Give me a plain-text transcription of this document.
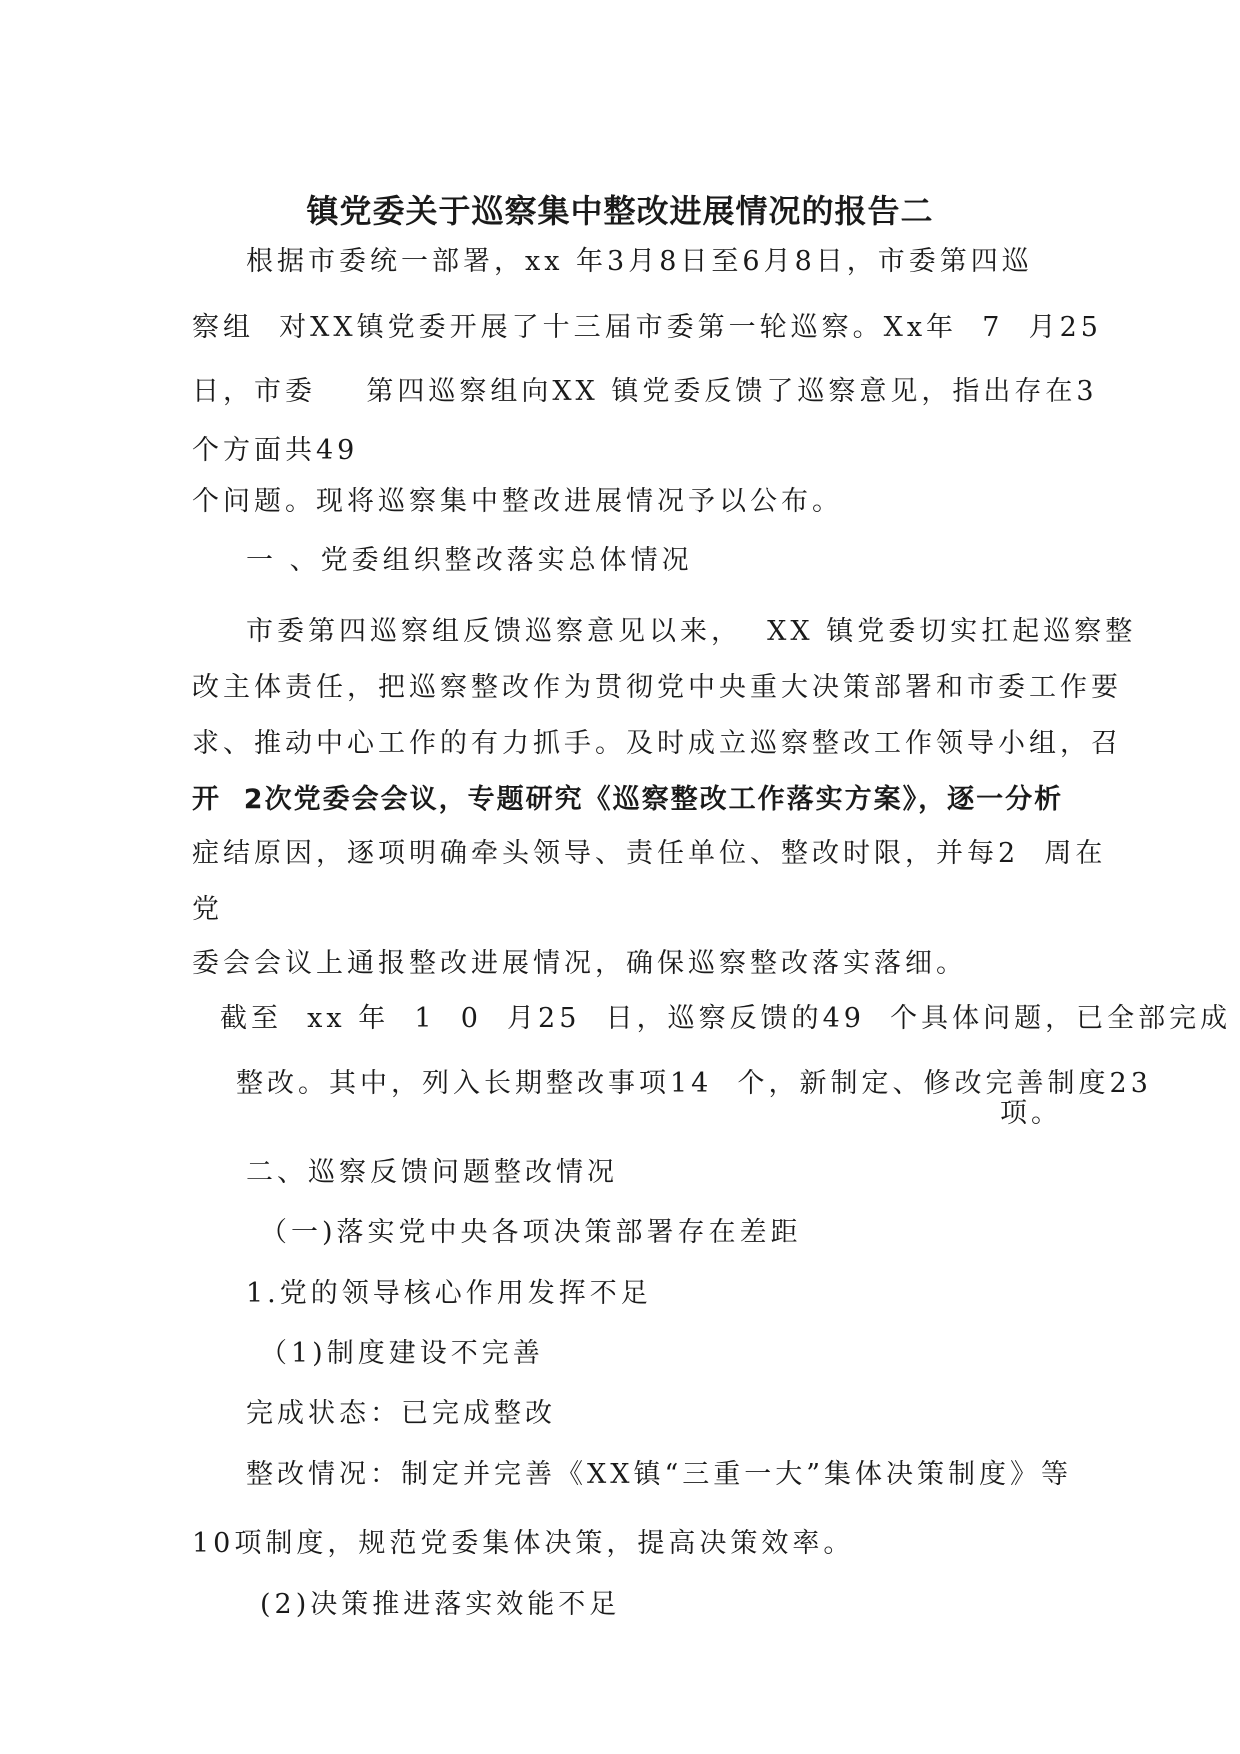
镇党委关于巡察集中整改进展情况的报告二
根据市委统一部署，xx 年3月8日至6月8日，市委第四巡
察组  对XX镇党委开展了十三届市委第一轮巡察。Xx年  7  月25
日，市委    第四巡察组向XX 镇党委反馈了巡察意见，指出存在3
个方面共49
个问题。现将巡察集中整改进展情况予以公布。
一 、党委组织整改落实总体情况
市委第四巡察组反馈巡察意见以来，  XX 镇党委切实扛起巡察整
改主体责任，把巡察整改作为贯彻党中央重大决策部署和市委工作要
求、推动中心工作的有力抓手。及时成立巡察整改工作领导小组，召
开  2次党委会会议，专题研究《巡察整改工作落实方案》，逐一分析
症结原因，逐项明确牵头领导、责任单位、整改时限，并每2  周在
党
委会会议上通报整改进展情况，确保巡察整改落实落细。
截至  xx 年  1  0  月25  日，巡察反馈的49  个具体问题，已全部完成
整改。其中，列入长期整改事项14  个，新制定、修改完善制度23
项。
二、巡察反馈问题整改情况
（一)落实党中央各项决策部署存在差距
1.党的领导核心作用发挥不足
（1)制度建设不完善
完成状态：已完成整改
整改情况：制定并完善《XX镇“三重一大”集体决策制度》等
10项制度，规范党委集体决策，提高决策效率。
(2)决策推进落实效能不足
